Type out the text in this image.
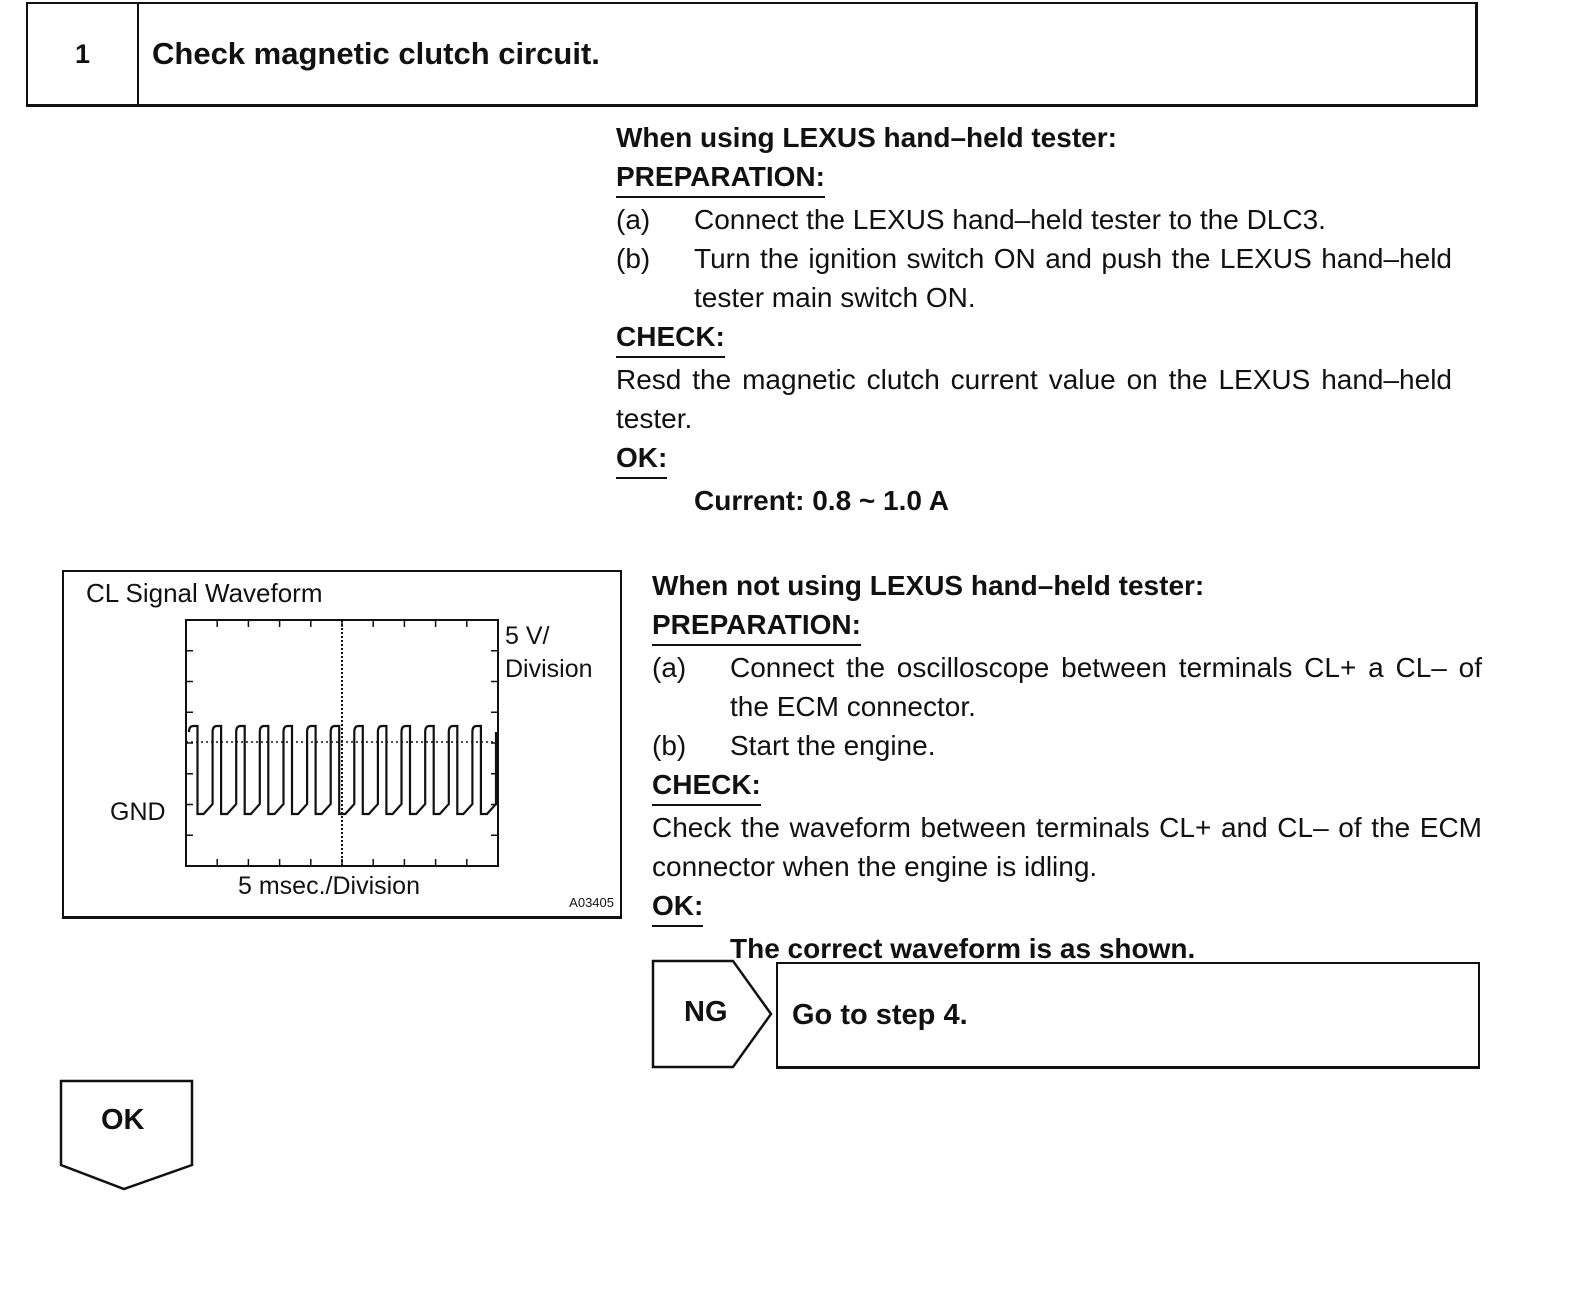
1	Check magnetic clutch circuit.

When using LEXUS hand–held tester:

PREPARATION:

(a)	Connect the LEXUS hand–held tester to the DLC3.
(b)	Turn the ignition switch ON and push the LEXUS hand–held tester main switch ON.

CHECK:

Resd the magnetic clutch current value on the LEXUS hand–held tester.

OK:

Current: 0.8 ~ 1.0 A

CL Signal Waveform
5 V/
Division
GND
5 msec./Division
A03405

When not using LEXUS hand–held tester:

PREPARATION:

(a)	Connect the oscilloscope between terminals CL+ a CL– of the ECM connector.
(b)	Start the engine.

CHECK:

Check the waveform between terminals CL+ and CL– of the ECM connector when the engine is idling.

OK:

The correct waveform is as shown.

NG Go to step 4.
OK
